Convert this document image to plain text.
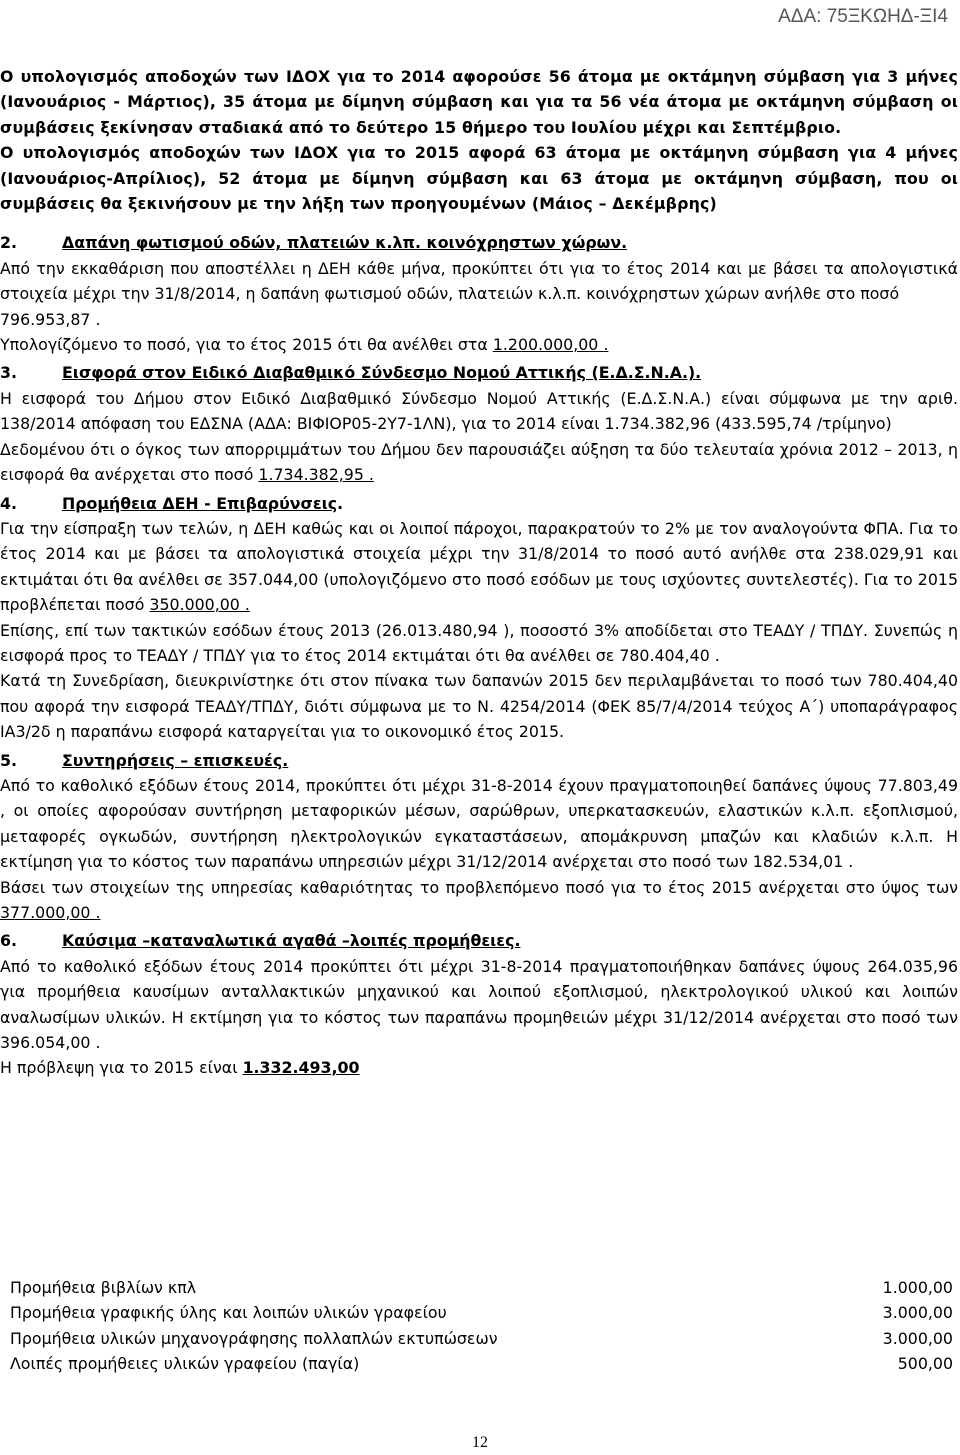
ΑΔΑ: 75ΞΚΩΗΔ-ΞΙ4

Ο υπολογισμός αποδοχών των ΙΔΟΧ για το 2014 αφορούσε 56 άτομα με οκτάμηνη σύμβαση για 3 μήνες (Ιανουάριος - Μάρτιος), 35 άτομα με δίμηνη σύμβαση και για τα 56 νέα άτομα με οκτάμηνη σύμβαση οι συμβάσεις ξεκίνησαν σταδιακά από το δεύτερο 15 θήμερο του Ιουλίου μέχρι και Σεπτέμβριο.

Ο υπολογισμός αποδοχών των ΙΔΟΧ για το 2015 αφορά 63 άτομα με οκτάμηνη σύμβαση για 4 μήνες (Ιανουάριος-Απρίλιος), 52 άτομα με δίμηνη σύμβαση και 63 άτομα με οκτάμηνη σύμβαση, που οι συμβάσεις θα ξεκινήσουν με την λήξη των προηγουμένων (Μάιος – Δεκέμβρης)

2.	Δαπάνη φωτισμού οδών, πλατειών κ.λπ. κοινόχρηστων χώρων.

Από την εκκαθάριση που αποστέλλει η ΔΕΗ κάθε μήνα, προκύπτει ότι για το έτος 2014 και με βάσει τα απολογιστικά στοιχεία μέχρι την 31/8/2014, η δαπάνη φωτισμού οδών, πλατειών κ.λ.π. κοινόχρηστων χώρων ανήλθε στο ποσό

796.953,87 .

Υπολογίζόμενο το ποσό, για το έτος 2015 ότι θα ανέλθει στα 1.200.000,00 .

3.	Εισφορά στον Ειδικό Διαβαθμικό Σύνδεσμο Νομού Αττικής (Ε.Δ.Σ.Ν.Α.).

Η εισφορά του Δήμου στον Ειδικό Διαβαθμικό Σύνδεσμο Νομού Αττικής (Ε.Δ.Σ.Ν.Α.) είναι σύμφωνα με την αριθ. 138/2014 απόφαση του ΕΔΣΝΑ (ΑΔΑ: ΒΙΦΙΟΡ05-2Υ7-1ΛΝ), για το 2014 είναι 1.734.382,96 (433.595,74 /τρίμηνο)

Δεδομένου ότι ο όγκος των απορριμμάτων του Δήμου δεν παρουσιάζει αύξηση τα δύο τελευταία χρόνια 2012 – 2013, η εισφορά θα ανέρχεται στο ποσό 1.734.382,95 .

4.	Προμήθεια ΔΕΗ - Επιβαρύνσεις.

Για την είσπραξη των τελών, η ΔΕΗ καθώς και οι λοιποί πάροχοι, παρακρατούν το 2% με τον αναλογούντα ΦΠΑ. Για το έτος 2014 και με βάσει τα απολογιστικά στοιχεία μέχρι την 31/8/2014 το ποσό αυτό ανήλθε στα 238.029,91 και εκτιμάται ότι θα ανέλθει σε 357.044,00 (υπολογιζόμενο στο ποσό εσόδων με τους ισχύοντες συντελεστές). Για το 2015 προβλέπεται ποσό 350.000,00 .

Επίσης, επί των τακτικών εσόδων έτους 2013 (26.013.480,94 ), ποσοστό 3% αποδίδεται στο ΤΕΑΔΥ / ΤΠΔΥ. Συνεπώς η εισφορά προς το ΤΕΑΔΥ / ΤΠΔΥ για το έτος 2014 εκτιμάται ότι θα ανέλθει σε 780.404,40 .

Κατά τη Συνεδρίαση, διευκρινίστηκε ότι στον πίνακα των δαπανών 2015 δεν περιλαμβάνεται το ποσό των 780.404,40 που αφορά την εισφορά ΤΕΑΔΥ/ΤΠΔΥ, διότι σύμφωνα με το Ν. 4254/2014 (ΦΕΚ 85/7/4/2014 τεύχος Α΄) υποπαράγραφος ΙΑ3/2δ η παραπάνω εισφορά καταργείται για το οικονομικό έτος 2015.

5.	Συντηρήσεις – επισκευές.

Από το καθολικό εξόδων έτους 2014, προκύπτει ότι μέχρι 31-8-2014 έχουν πραγματοποιηθεί δαπάνες ύψους 77.803,49 , οι οποίες αφορούσαν συντήρηση μεταφορικών μέσων, σαρώθρων, υπερκατασκευών, ελαστικών κ.λ.π. εξοπλισμού, μεταφορές ογκωδών, συντήρηση ηλεκτρολογικών εγκαταστάσεων, απομάκρυνση μπαζών και κλαδιών κ.λ.π. Η εκτίμηση για το κόστος των παραπάνω υπηρεσιών μέχρι 31/12/2014 ανέρχεται στο ποσό των 182.534,01 .

Βάσει των στοιχείων της υπηρεσίας καθαριότητας το προβλεπόμενο ποσό για το έτος 2015 ανέρχεται στο ύψος των 377.000,00 .

6.	Καύσιμα –καταναλωτικά αγαθά –λοιπές προμήθειες.

Από το καθολικό εξόδων έτους 2014 προκύπτει ότι μέχρι 31-8-2014 πραγματοποιήθηκαν δαπάνες ύψους 264.035,96 για προμήθεια καυσίμων ανταλλακτικών μηχανικού και λοιπού εξοπλισμού, ηλεκτρολογικού υλικού και λοιπών αναλωσίμων υλικών. Η εκτίμηση για το κόστος των παραπάνω προμηθειών μέχρι 31/12/2014 ανέρχεται στο ποσό των 396.054,00 .

Η πρόβλεψη για το 2015 είναι 1.332.493,00

Προμήθεια βιβλίων κπλ	1.000,00
Προμήθεια γραφικής ύλης και λοιπών υλικών γραφείου	3.000,00
Προμήθεια υλικών μηχανογράφησης πολλαπλών εκτυπώσεων	3.000,00
Λοιπές προμήθειες υλικών γραφείου (παγία)	500,00
12
